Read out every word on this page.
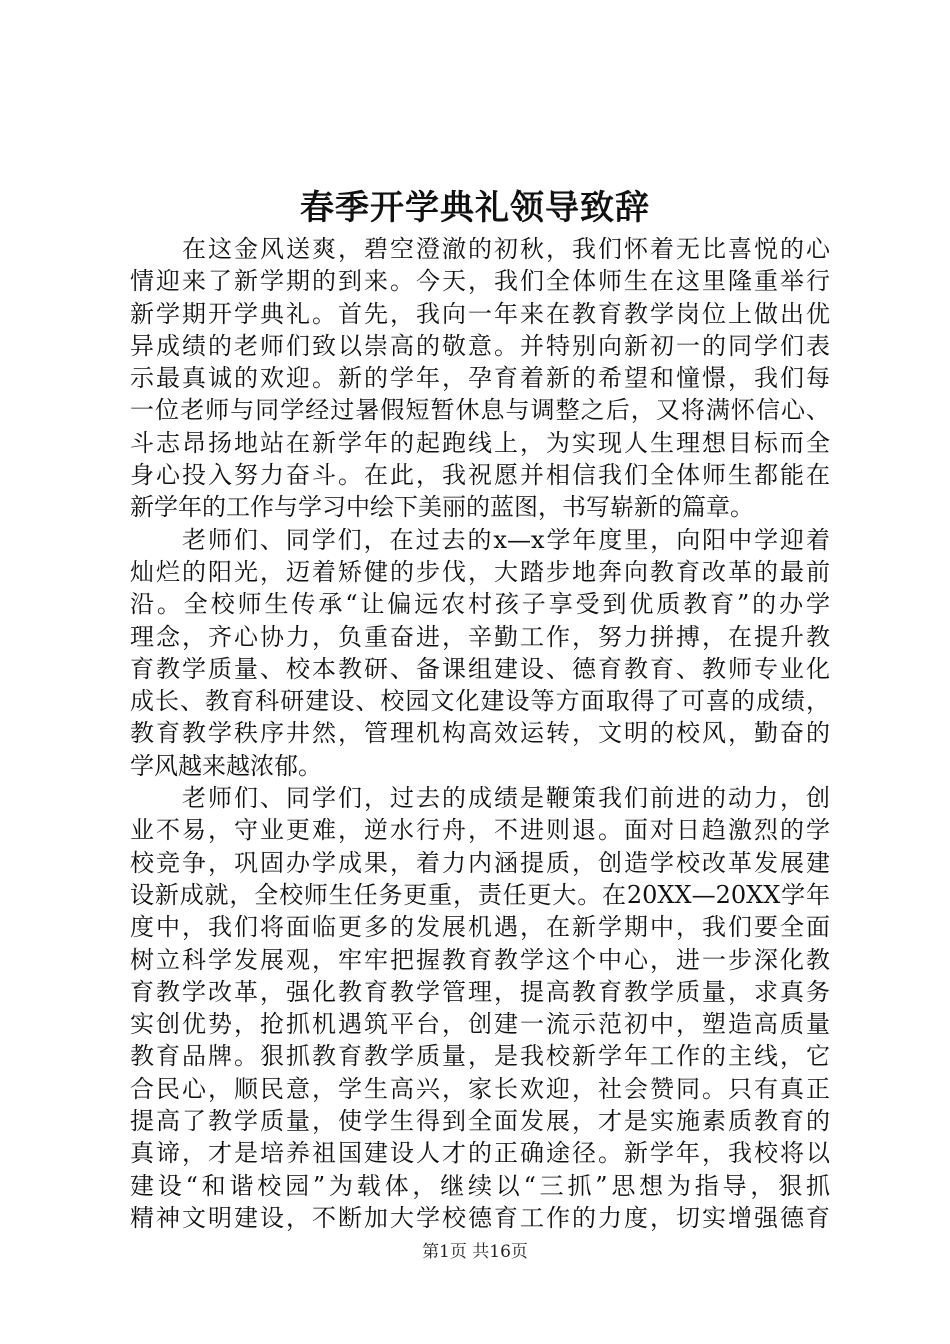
春季开学典礼领导致辞
在这金风送爽，碧空澄澈的初秋，我们怀着无比喜悦的心
情迎来了新学期的到来。今天，我们全体师生在这里隆重举行
新学期开学典礼。首先，我向一年来在教育教学岗位上做出优
异成绩的老师们致以崇高的敬意。并特别向新初一的同学们表
示最真诚的欢迎。新的学年，孕育着新的希望和憧憬，我们每
一位老师与同学经过暑假短暂休息与调整之后，又将满怀信心、
斗志昂扬地站在新学年的起跑线上，为实现人生理想目标而全
身心投入努力奋斗。在此，我祝愿并相信我们全体师生都能在
新学年的工作与学习中绘下美丽的蓝图，书写崭新的篇章。
老师们、同学们，在过去的x—x学年度里，向阳中学迎着
灿烂的阳光，迈着矫健的步伐，大踏步地奔向教育改革的最前
沿。全校师生传承“让偏远农村孩子享受到优质教育”的办学
理念，齐心协力，负重奋进，辛勤工作，努力拼搏，在提升教
育教学质量、校本教研、备课组建设、德育教育、教师专业化
成长、教育科研建设、校园文化建设等方面取得了可喜的成绩，
教育教学秩序井然，管理机构高效运转，文明的校风，勤奋的
学风越来越浓郁。
老师们、同学们，过去的成绩是鞭策我们前进的动力，创
业不易，守业更难，逆水行舟，不进则退。面对日趋激烈的学
校竞争，巩固办学成果，着力内涵提质，创造学校改革发展建
设新成就，全校师生任务更重，责任更大。在20XX—20XX学年
度中，我们将面临更多的发展机遇，在新学期中，我们要全面
树立科学发展观，牢牢把握教育教学这个中心，进一步深化教
育教学改革，强化教育教学管理，提高教育教学质量，求真务
实创优势，抢抓机遇筑平台，创建一流示范初中，塑造高质量
教育品牌。狠抓教育教学质量，是我校新学年工作的主线，它
合民心，顺民意，学生高兴，家长欢迎，社会赞同。只有真正
提高了教学质量，使学生得到全面发展，才是实施素质教育的
真谛，才是培养祖国建设人才的正确途径。新学年，我校将以
建设“和谐校园”为载体，继续以“三抓”思想为指导，狠抓
精神文明建设，不断加大学校德育工作的力度，切实增强德育
第1页 共16页
